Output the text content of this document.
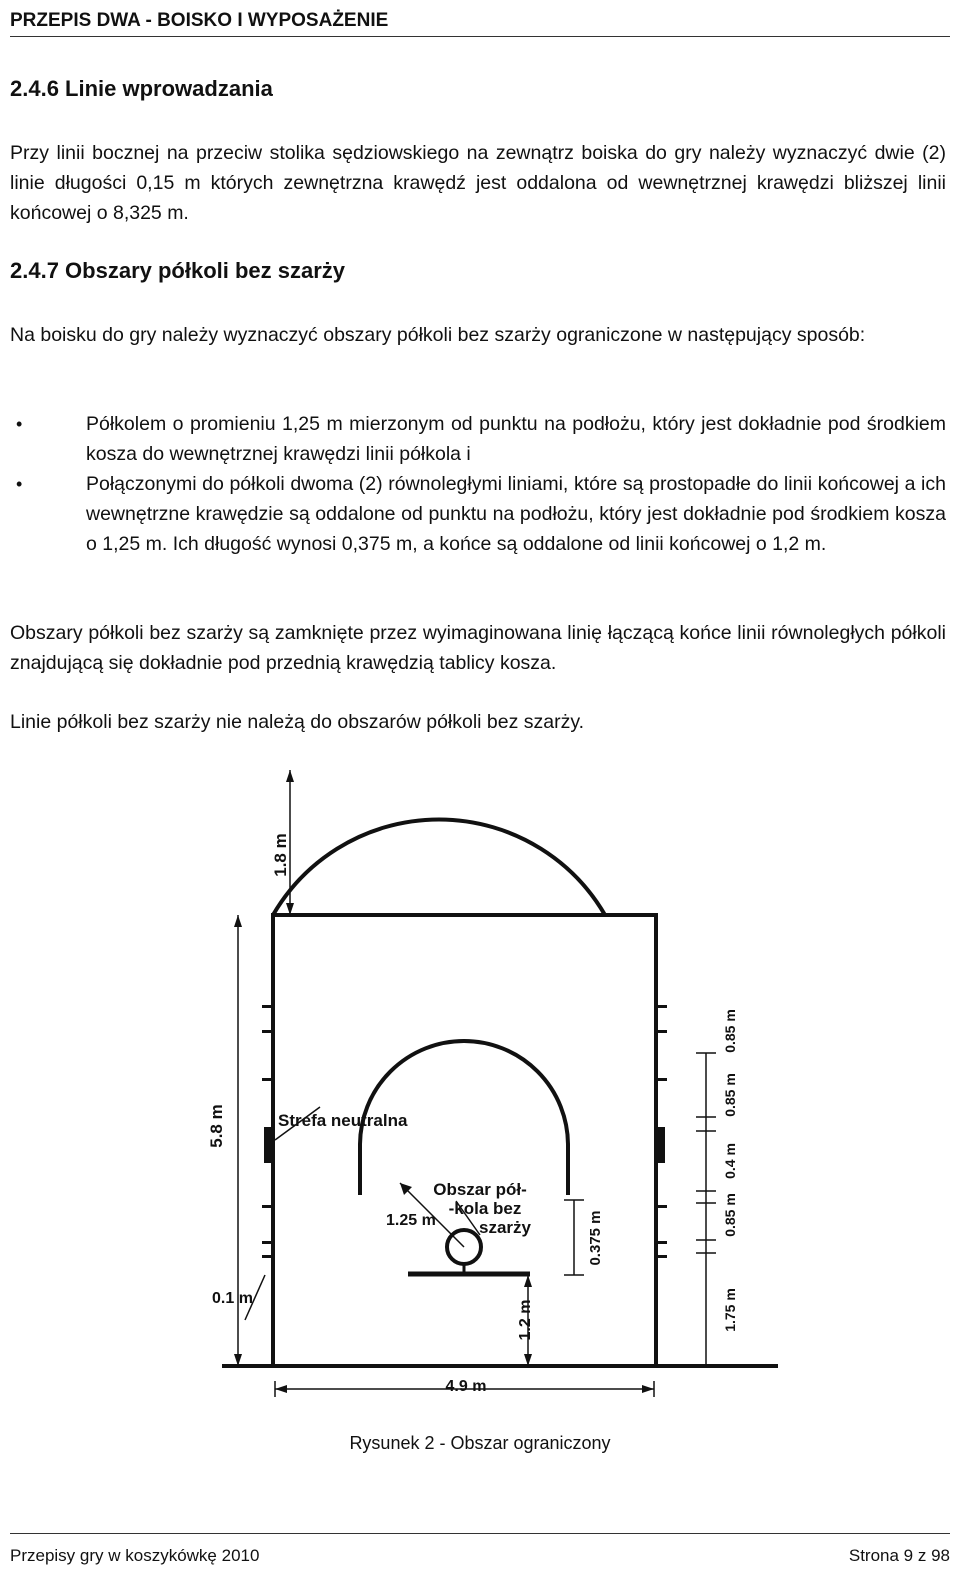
PRZEPIS DWA - BOISKO I WYPOSAŻENIE
2.4.6 Linie wprowadzania
Przy linii bocznej na przeciw stolika sędziowskiego na zewnątrz boiska do gry należy wyznaczyć dwie (2) linie długości 0,15 m których zewnętrzna krawędź jest oddalona od wewnętrznej krawędzi bliższej linii końcowej o 8,325 m.
2.4.7 Obszary półkoli bez szarży
Na boisku do gry należy wyznaczyć obszary półkoli bez szarży ograniczone w następujący sposób:
• Półkolem o promieniu 1,25 m mierzonym od punktu na podłożu, który jest dokładnie pod środkiem kosza do wewnętrznej krawędzi linii półkola i
• Połączonymi do półkoli dwoma (2) równoległymi liniami, które są prostopadłe do linii końcowej a ich wewnętrzne krawędzie są oddalone od punktu na podłożu, który jest dokładnie pod środkiem kosza o 1,25 m. Ich długość wynosi 0,375 m, a końce są oddalone od linii końcowej o 1,2 m.
Obszary półkoli bez szarży są zamknięte przez wyimaginowana linię łączącą końce linii równoległych półkoli znajdującą się dokładnie pod przednią krawędzią tablicy kosza.
Linie półkoli bez szarży nie należą do obszarów półkoli bez szarży.
1.8 m
5.8 m
0.1 m
Strefa neutralna
Obszar pół-
-kola bez
szarży
1.25 m	0.375 m
1.2 m
4.9 m
0.85 m
0.85 m
0.4 m
0.85 m
1.75 m
Rysunek 2 - Obszar ograniczony
Przepisy gry w koszykówkę 2010	Strona 9 z 98
